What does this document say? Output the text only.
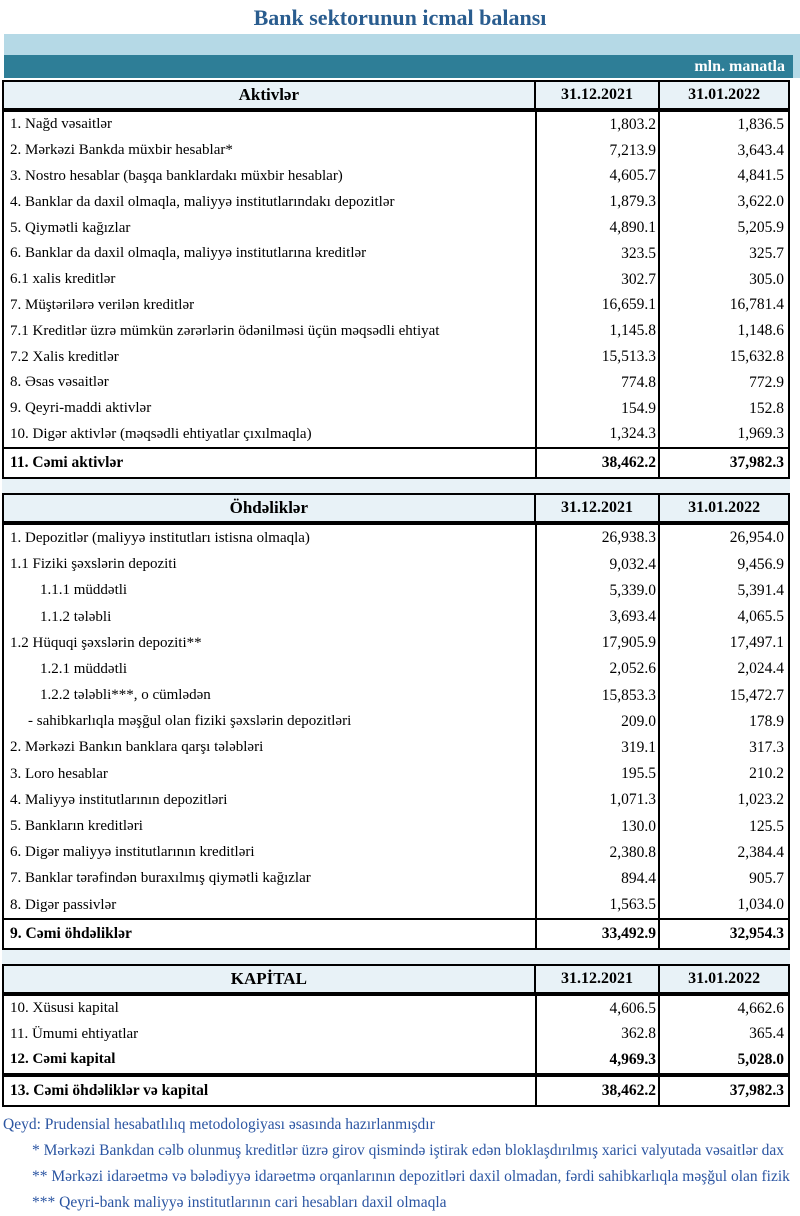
Bank sektorunun icmal balansı
mln. manatla
Aktivlər	31.12.2021	31.01.2022
1. Nağd vəsaitlər	1,803.2	1,836.5
2. Mərkəzi Bankda müxbir hesablar*	7,213.9	3,643.4
3. Nostro hesablar (başqa banklardakı müxbir hesablar)	4,605.7	4,841.5
4. Banklar da daxil olmaqla, maliyyə institutlarındakı depozitlər	1,879.3	3,622.0
5. Qiymətli kağızlar	4,890.1	5,205.9
6. Banklar da daxil olmaqla, maliyyə institutlarına kreditlər	323.5	325.7
6.1 xalis kreditlər	302.7	305.0
7. Müştərilərə verilən kreditlər	16,659.1	16,781.4
7.1 Kreditlər üzrə mümkün zərərlərin ödənilməsi üçün məqsədli ehtiyat	1,145.8	1,148.6
7.2 Xalis kreditlər	15,513.3	15,632.8
8. Əsas vəsaitlər	774.8	772.9
9. Qeyri-maddi aktivlər	154.9	152.8
10. Digər aktivlər (məqsədli ehtiyatlar çıxılmaqla)	1,324.3	1,969.3
11. Cəmi aktivlər	38,462.2	37,982.3
Öhdəliklər	31.12.2021	31.01.2022
1. Depozitlər (maliyyə institutları istisna olmaqla)	26,938.3	26,954.0
1.1 Fiziki şəxslərin depoziti	9,032.4	9,456.9
1.1.1 müddətli	5,339.0	5,391.4
1.1.2 tələbli	3,693.4	4,065.5
1.2 Hüquqi şəxslərin depoziti**	17,905.9	17,497.1
1.2.1 müddətli	2,052.6	2,024.4
1.2.2 tələbli***, o cümlədən	15,853.3	15,472.7
- sahibkarlıqla məşğul olan fiziki şəxslərin depozitləri	209.0	178.9
2. Mərkəzi Bankın banklara qarşı tələbləri	319.1	317.3
3. Loro hesablar	195.5	210.2
4. Maliyyə institutlarının depozitləri	1,071.3	1,023.2
5. Bankların kreditləri	130.0	125.5
6. Digər maliyyə institutlarının kreditləri	2,380.8	2,384.4
7. Banklar tərəfindən buraxılmış qiymətli kağızlar	894.4	905.7
8. Digər passivlər	1,563.5	1,034.0
9. Cəmi öhdəliklər	33,492.9	32,954.3
KAPİTAL	31.12.2021	31.01.2022
10. Xüsusi kapital	4,606.5	4,662.6
11. Ümumi ehtiyatlar	362.8	365.4
12. Cəmi kapital	4,969.3	5,028.0
13. Cəmi öhdəliklər və kapital	38,462.2	37,982.3
Qeyd: Prudensial hesabatlılıq metodologiyası əsasında hazırlanmışdır
* Mərkəzi Bankdan cəlb olunmuş kreditlər üzrə girov qismində iştirak edən bloklaşdırılmış xarici valyutada vəsaitlər dax
** Mərkəzi idarəetmə və bələdiyyə idarəetmə orqanlarının depozitləri daxil olmadan, fərdi sahibkarlıqla məşğul olan fizik
*** Qeyri-bank maliyyə institutlarının cari hesabları daxil olmaqla
